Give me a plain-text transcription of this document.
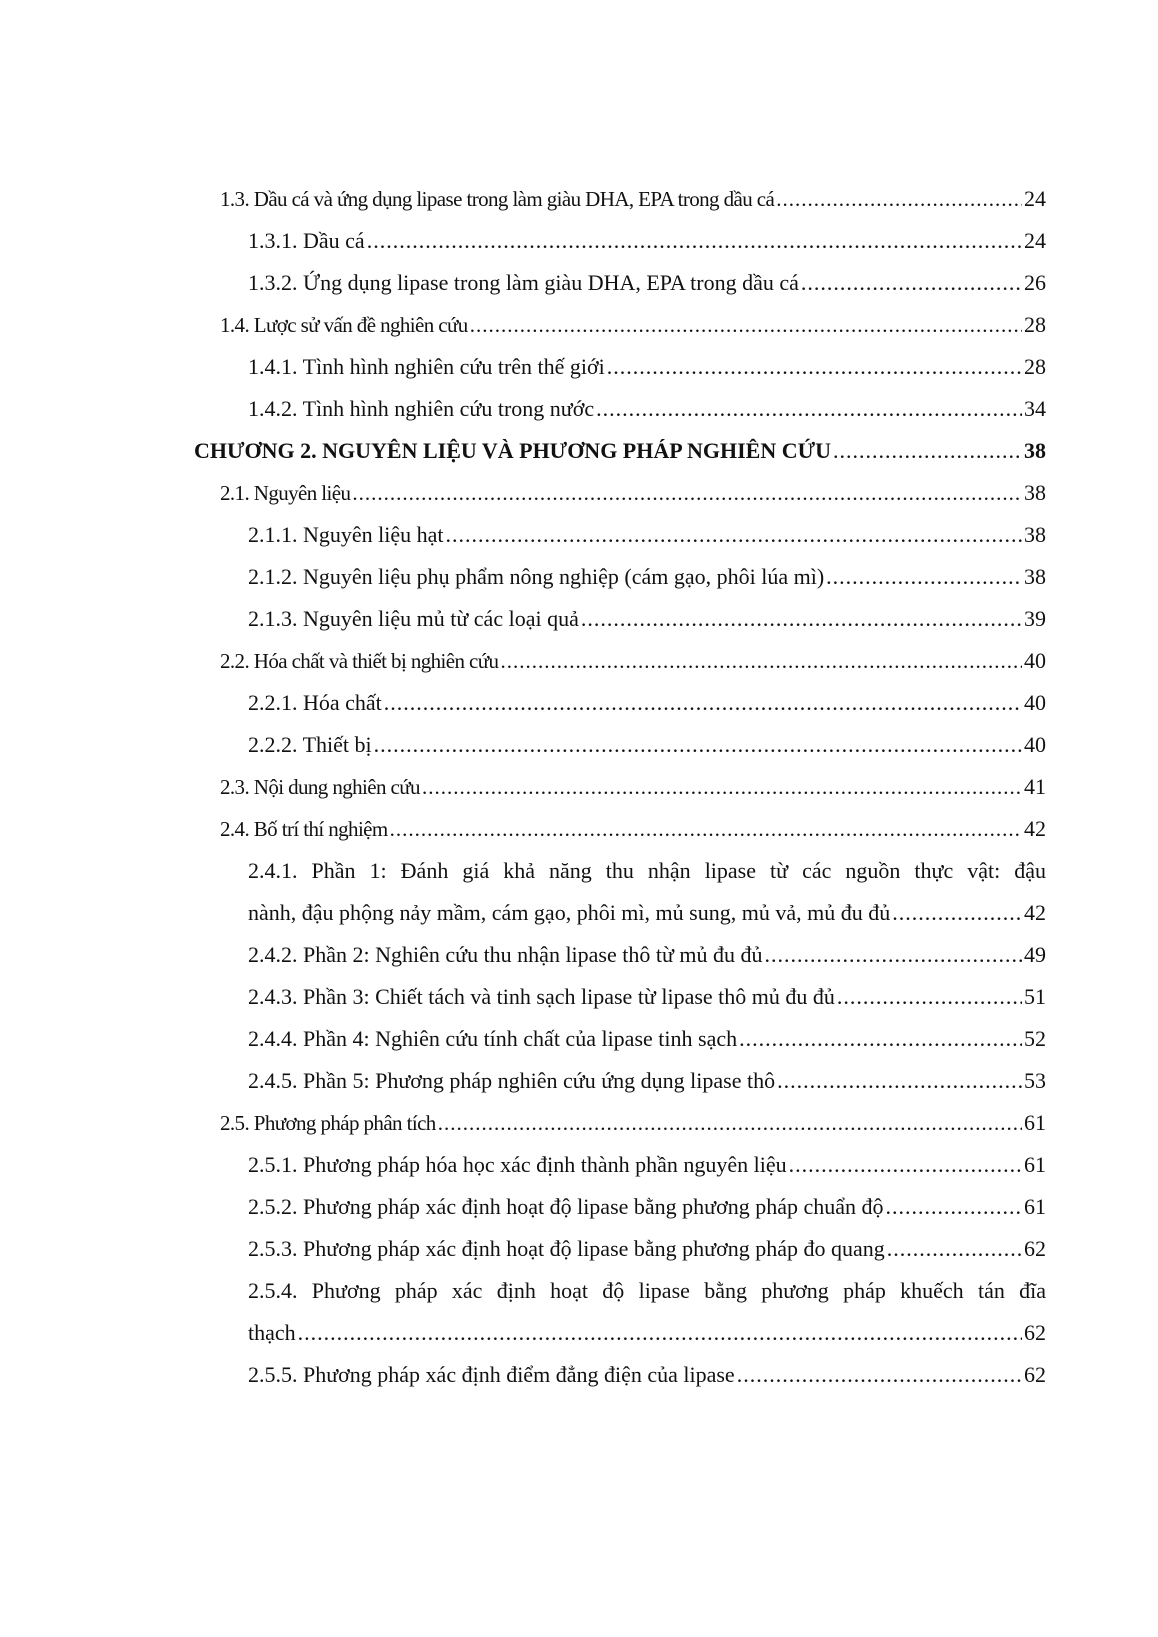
1.3. Dầu cá và ứng dụng lipase trong làm giàu DHA, EPA trong dầu cá .....	24
1.3.1. Dầu cá .....	24
1.3.2. Ứng dụng lipase trong làm giàu DHA, EPA trong dầu cá .....	26
1.4. Lược sử vấn đề nghiên cứu .....	28
1.4.1. Tình hình nghiên cứu trên thế giới .....	28
1.4.2. Tình hình nghiên cứu trong nước .....	34
CHƯƠNG 2. NGUYÊN LIỆU VÀ PHƯƠNG PHÁP NGHIÊN CỨU .....	38
2.1. Nguyên liệu .....	38
2.1.1. Nguyên liệu hạt .....	38
2.1.2. Nguyên liệu phụ phẩm nông nghiệp (cám gạo, phôi lúa mì) .....	38
2.1.3. Nguyên liệu mủ từ các loại quả .....	39
2.2. Hóa chất và thiết bị nghiên cứu .....	40
2.2.1. Hóa chất .....	40
2.2.2. Thiết bị .....	40
2.3. Nội dung nghiên cứu .....	41
2.4. Bố trí thí nghiệm .....	42
2.4.1. Phần 1: Đánh giá khả năng thu nhận lipase từ các nguồn thực vật: đậu
nành, đậu phộng nảy mầm, cám gạo, phôi mì, mủ sung, mủ vả, mủ đu đủ .....	42
2.4.2. Phần 2: Nghiên cứu thu nhận lipase thô từ mủ đu đủ .....	49
2.4.3. Phần 3: Chiết tách và tinh sạch lipase từ lipase thô mủ đu đủ .....	51
2.4.4. Phần 4: Nghiên cứu tính chất của lipase tinh sạch .....	52
2.4.5. Phần 5: Phương pháp nghiên cứu ứng dụng lipase thô .....	53
2.5. Phương pháp phân tích .....	61
2.5.1. Phương pháp hóa học xác định thành phần nguyên liệu .....	61
2.5.2. Phương pháp xác định hoạt độ lipase bằng phương pháp chuẩn độ .....	61
2.5.3. Phương pháp xác định hoạt độ lipase bằng phương pháp đo quang .....	62
2.5.4. Phương pháp xác định hoạt độ lipase bằng phương pháp khuếch tán đĩa
thạch .....	62
2.5.5. Phương pháp xác định điểm đẳng điện của lipase .....	62
